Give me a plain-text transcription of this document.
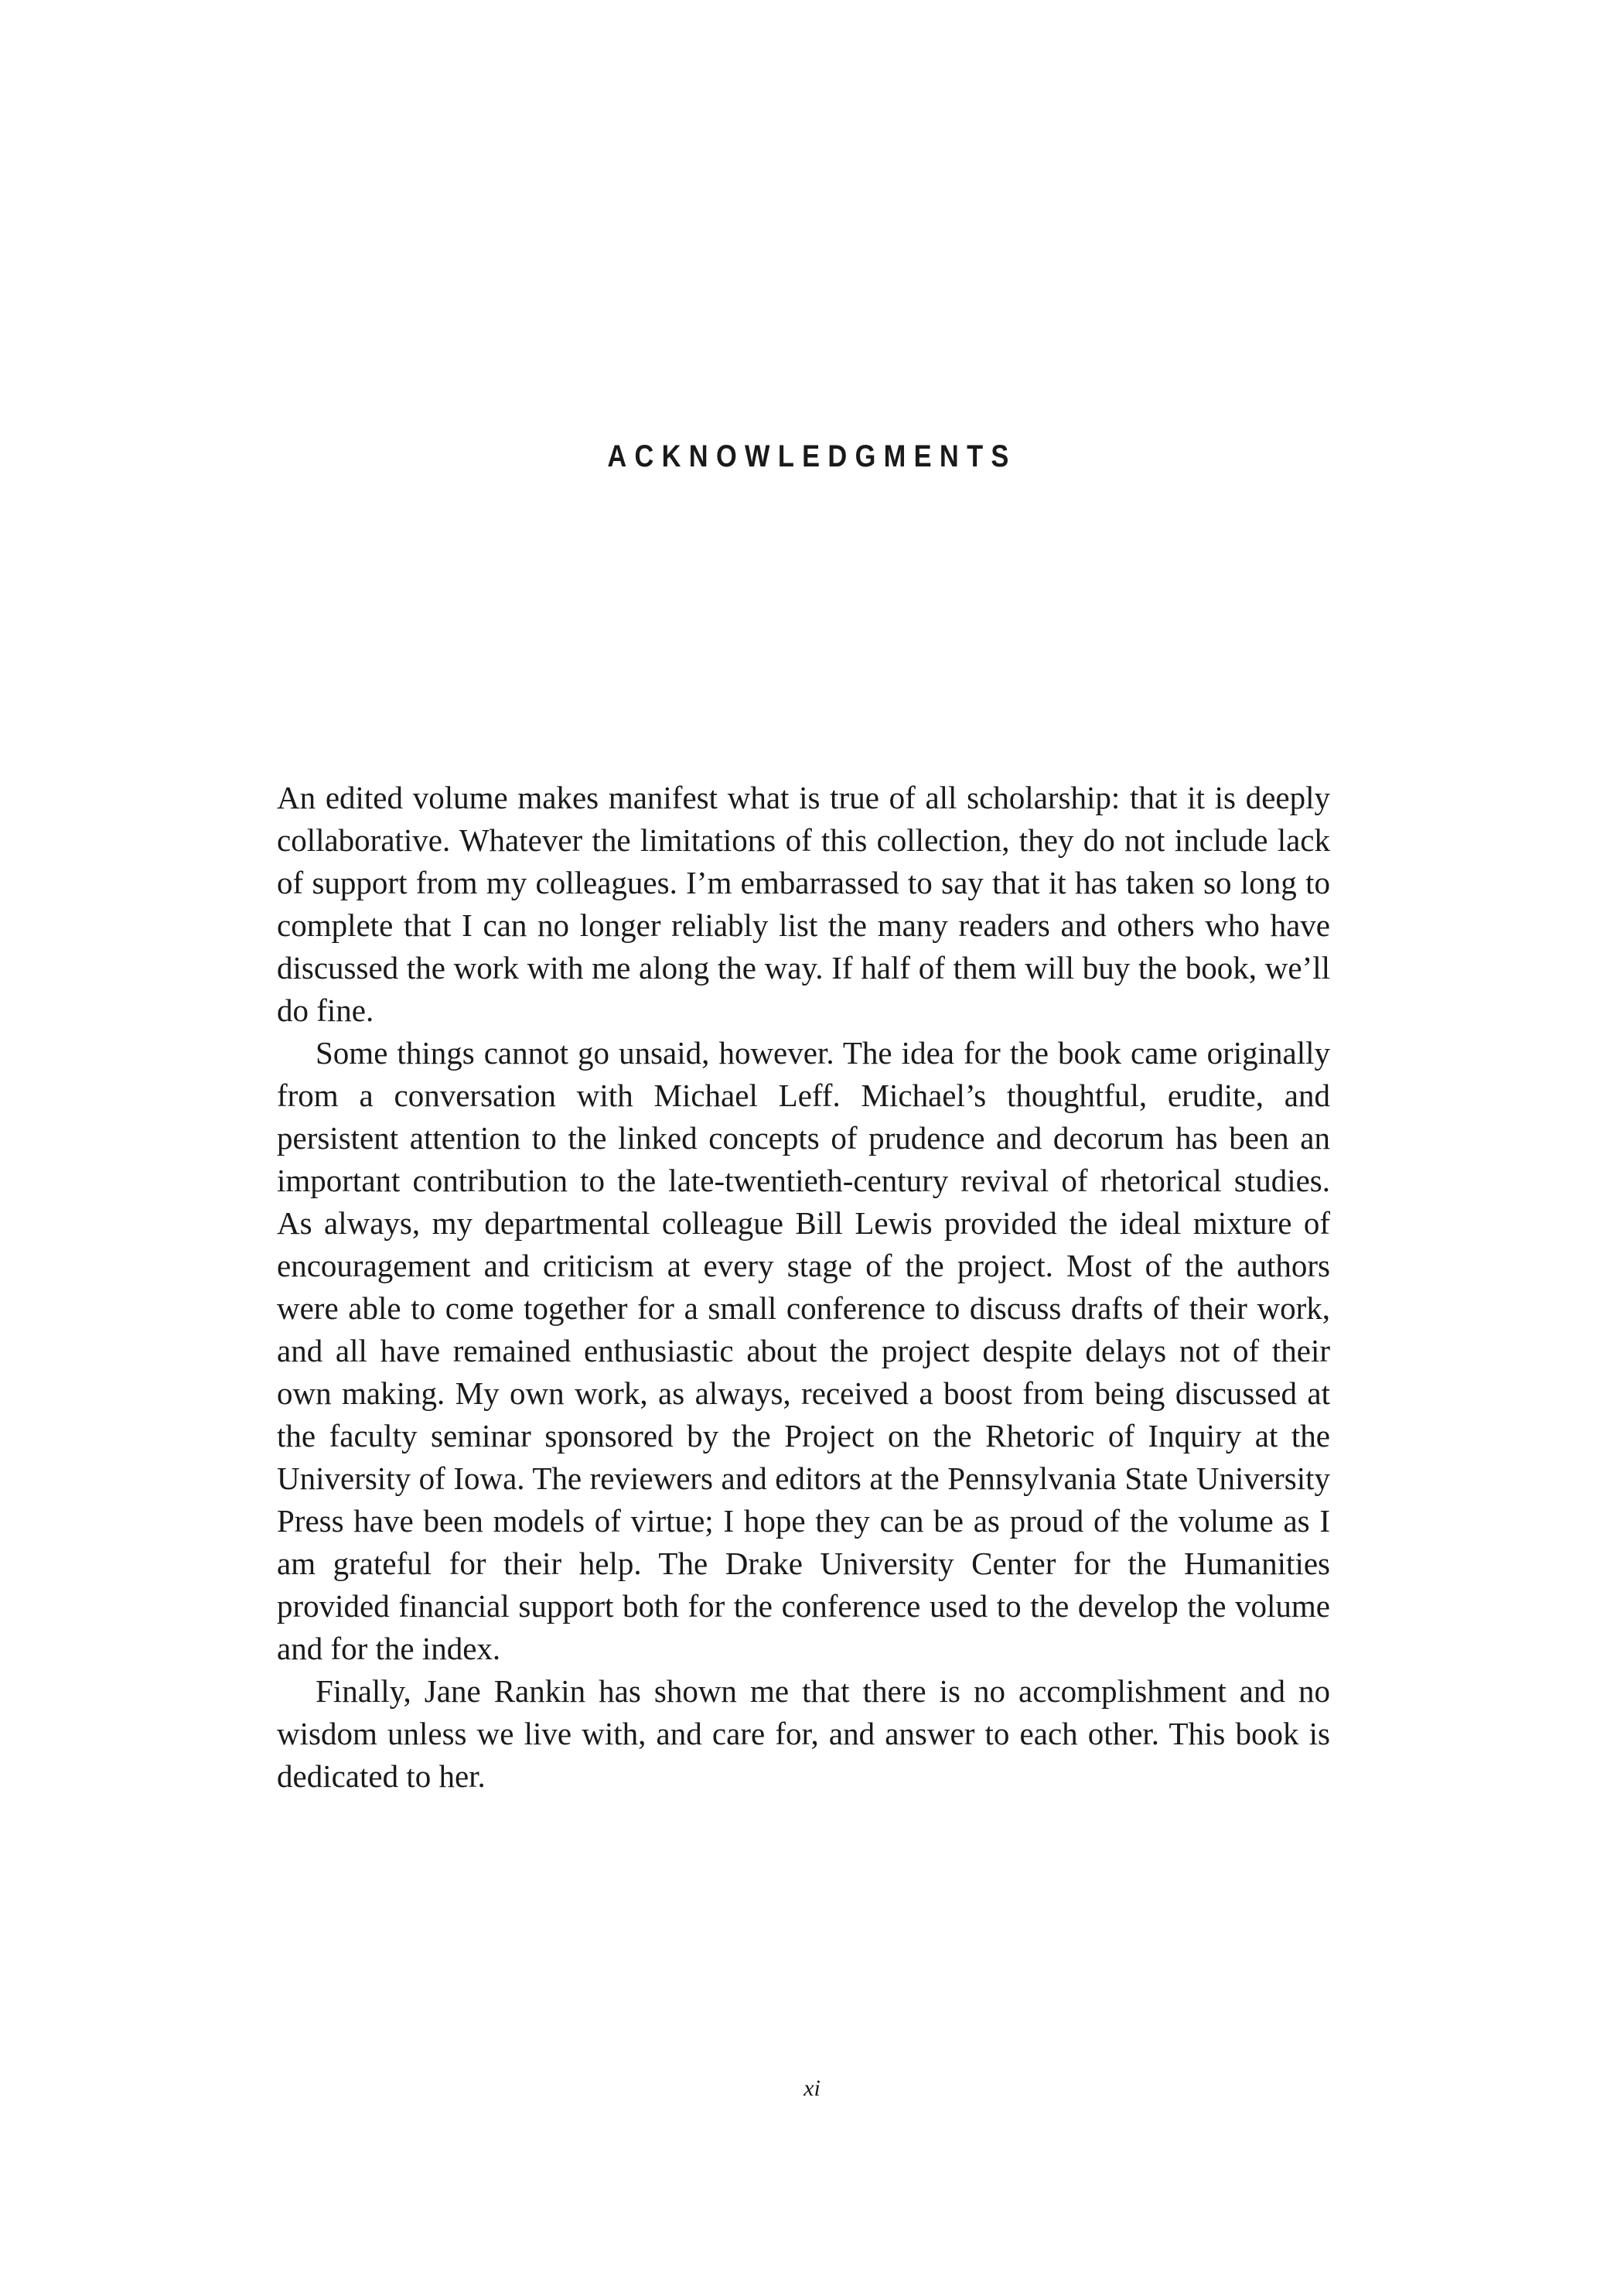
ACKNOWLEDGMENTS

An edited volume makes manifest what is true of all scholarship: that it is deeply collaborative. Whatever the limitations of this collection, they do not include lack of support from my colleagues. I’m embarrassed to say that it has taken so long to complete that I can no longer reliably list the many readers and others who have discussed the work with me along the way. If half of them will buy the book, we’ll do fine.

Some things cannot go unsaid, however. The idea for the book came originally from a conversation with Michael Leff. Michael’s thoughtful, erudite, and persistent attention to the linked concepts of prudence and decorum has been an important contribution to the late-twentieth-century revival of rhetorical studies. As always, my departmental colleague Bill Lewis provided the ideal mixture of encouragement and criticism at every stage of the project. Most of the authors were able to come together for a small conference to discuss drafts of their work, and all have remained enthusiastic about the project despite delays not of their own making. My own work, as always, received a boost from being discussed at the faculty seminar sponsored by the Project on the Rhetoric of Inquiry at the University of Iowa. The reviewers and editors at the Pennsylvania State University Press have been models of virtue; I hope they can be as proud of the volume as I am grateful for their help. The Drake University Center for the Humanities provided financial support both for the conference used to the develop the volume and for the index.

Finally, Jane Rankin has shown me that there is no accomplishment and no wisdom unless we live with, and care for, and answer to each other. This book is dedicated to her.

xi
